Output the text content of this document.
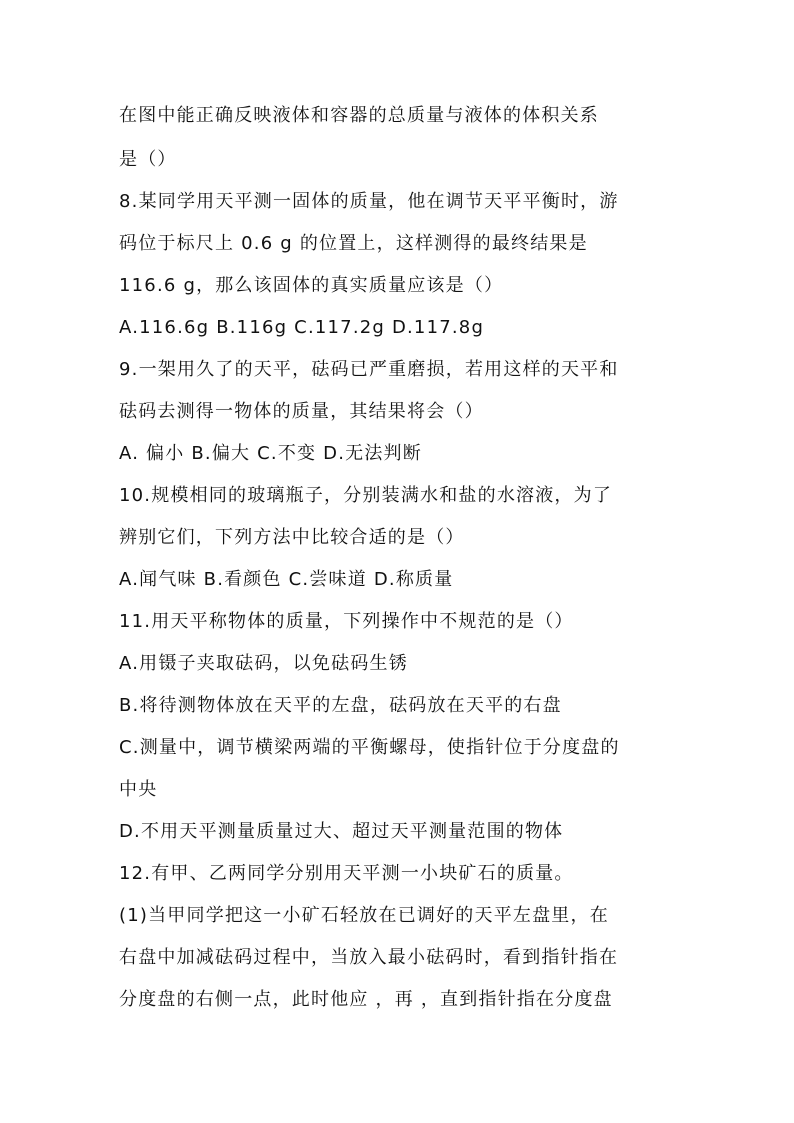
在图中能正确反映液体和容器的总质量与液体的体积关系
是（）
8.某同学用天平测一固体的质量，他在调节天平平衡时，游
码位于标尺上 0.6 g 的位置上，这样测得的最终结果是
116.6 g，那么该固体的真实质量应该是（）
A.116.6g B.116g C.117.2g D.117.8g
9.一架用久了的天平，砝码已严重磨损，若用这样的天平和
砝码去测得一物体的质量，其结果将会（）
A. 偏小 B.偏大 C.不变 D.无法判断
10.规模相同的玻璃瓶子，分别装满水和盐的水溶液，为了
辨别它们，下列方法中比较合适的是（）
A.闻气味 B.看颜色 C.尝味道 D.称质量
11.用天平称物体的质量，下列操作中不规范的是（）
A.用镊子夹取砝码，以免砝码生锈
B.将待测物体放在天平的左盘，砝码放在天平的右盘
C.测量中，调节横梁两端的平衡螺母，使指针位于分度盘的
中央
D.不用天平测量质量过大、超过天平测量范围的物体
12.有甲、乙两同学分别用天平测一小块矿石的质量。
(1)当甲同学把这一小矿石轻放在已调好的天平左盘里，在
右盘中加减砝码过程中，当放入最小砝码时，看到指针指在
分度盘的右侧一点，此时他应 ，再 ，直到指针指在分度盘
